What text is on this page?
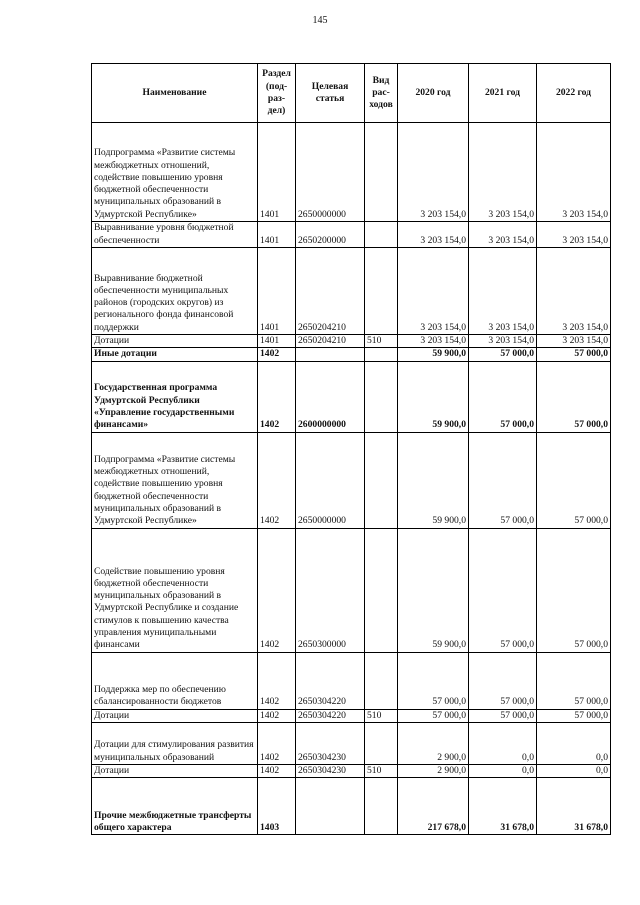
145
Наименование	Раздел (под-раз-дел)	Целевая статья	Вид рас-ходов	2020 год	2021 год	2022 год
Подпрограмма «Развитие системы межбюджетных отношений, содействие повышению уровня бюджетной обеспеченности муниципальных образований в Удмуртской Республике»	1401	2650000000		3 203 154,0	3 203 154,0	3 203 154,0
Выравнивание уровня бюджетной обеспеченности	1401	2650200000		3 203 154,0	3 203 154,0	3 203 154,0
Выравнивание бюджетной обеспеченности муниципальных районов (городских округов) из регионального фонда финансовой поддержки	1401	2650204210		3 203 154,0	3 203 154,0	3 203 154,0
Дотации	1401	2650204210	510	3 203 154,0	3 203 154,0	3 203 154,0
Иные дотации	1402			59 900,0	57 000,0	57 000,0
Государственная программа Удмуртской Республики «Управление государственными финансами»	1402	2600000000		59 900,0	57 000,0	57 000,0
Подпрограмма «Развитие системы межбюджетных отношений, содействие повышению уровня бюджетной обеспеченности муниципальных образований в Удмуртской Республике»	1402	2650000000		59 900,0	57 000,0	57 000,0
Содействие повышению уровня бюджетной обеспеченности муниципальных образований в Удмуртской Республике и создание стимулов к повышению качества управления муниципальными финансами	1402	2650300000		59 900,0	57 000,0	57 000,0
Поддержка мер по обеспечению сбалансированности бюджетов	1402	2650304220		57 000,0	57 000,0	57 000,0
Дотации	1402	2650304220	510	57 000,0	57 000,0	57 000,0
Дотации для стимулирования развития муниципальных образований	1402	2650304230		2 900,0	0,0	0,0
Дотации	1402	2650304230	510	2 900,0	0,0	0,0
Прочие межбюджетные трансферты общего характера	1403			217 678,0	31 678,0	31 678,0
